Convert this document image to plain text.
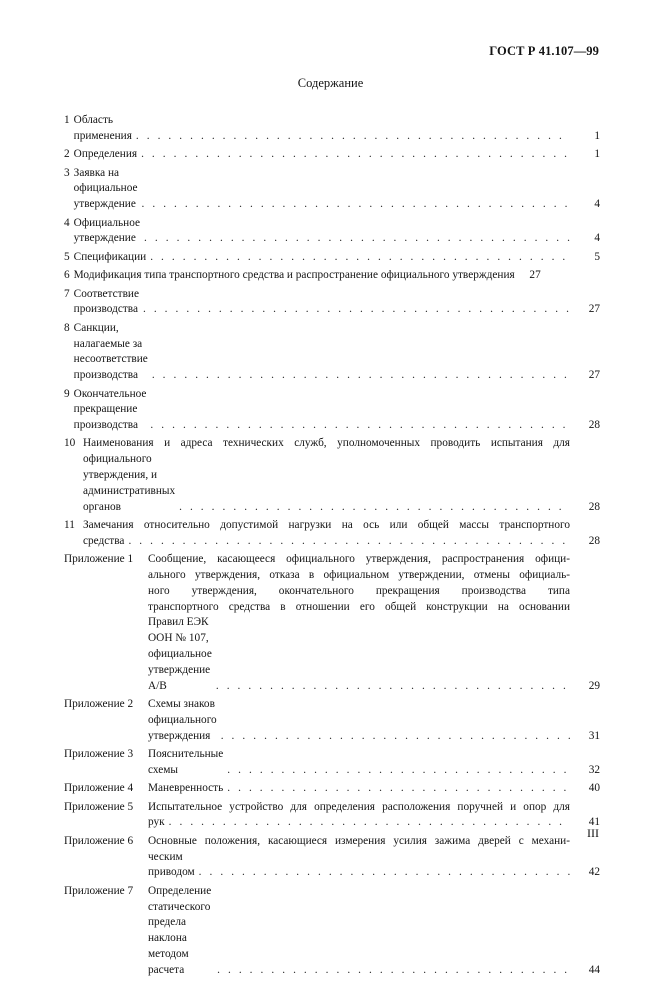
ГОСТ Р 41.107—99
Содержание
1 Область применения . . .	1
2 Определения . . .	1
3 Заявка на официальное утверждение . . .	4
4 Официальное утверждение . . .	4
5 Спецификации . . .	5
6 Модификация типа транспортного средства и распространение официального утверждения	27
7 Соответствие производства . . .	27
8 Санкции, налагаемые за несоответствие производства . . .	27
9 Окончательное прекращение производства . . .	28
10 Наименования и адреса технических служб, уполномоченных проводить испытания для
официального утверждения, и административных органов . . .	28
11 Замечания относительно допустимой нагрузки на ось или общей массы транспортного
средства . . .	28
Приложение 1	Сообщение, касающееся официального утверждения, распространения офици-
ального утверждения, отказа в официальном утверждении, отмены официаль-
ного утверждения, окончательного прекращения производства типа
транспортного средства в отношении его общей конструкции на основании
Правил ЕЭК ООН № 107, официальное утверждение A/B . . .	29
Приложение 2	Схемы знаков официального утверждения . . .	31
Приложение 3	Пояснительные схемы . . .	32
Приложение 4	Маневренность . . .	40
Приложение 5	Испытательное устройство для определения расположения поручней и опор для
рук . . .	41
Приложение 6	Основные положения, касающиеся измерения усилия зажима дверей с механи-
ческим приводом . . .	42
Приложение 7	Определение статического предела наклона методом расчета . . .	44
III
